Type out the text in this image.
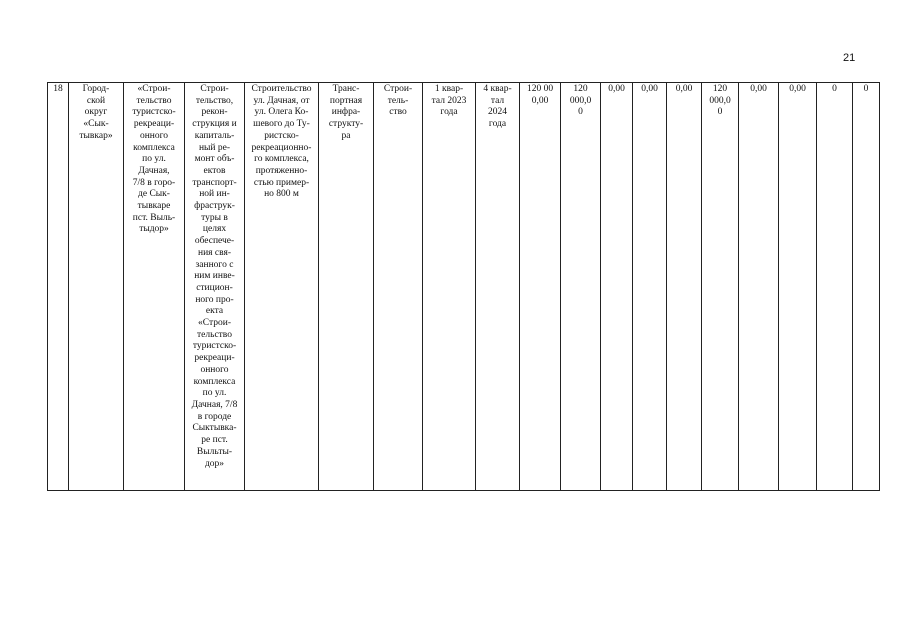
21
18	Город-
ской
округ
«Сык-
тывкар»	«Строи-
тельство
туристско-
рекреаци-
онного
комплекса
по ул.
Дачная,
7/8 в горо-
де Сык-
тывкаре
пст. Выль-
тыдор»	Строи-
тельство,
рекон-
струкция и
капиталь-
ный ре-
монт объ-
ектов
транспорт-
ной ин-
фраструк-
туры в
целях
обеспече-
ния свя-
занного с
ним инве-
стицион-
ного про-
екта
«Строи-
тельство
туристско-
рекреаци-
онного
комплекса
по ул.
Дачная, 7/8
в городе
Сыктывка-
ре пст.
Выльты-
дор»	Строительство
ул. Дачная, от
ул. Олега Ко-
шевого до Ту-
ристско-
рекреационно-
го комплекса,
протяженно-
стью пример-
но 800 м	Транс-
портная
инфра-
структу-
ра	Строи-
тель-
ство	1 квар-
тал 2023
года	4 квар-
тал
2024
года	120 00
0,00	120
000,0
0	0,00	0,00	0,00	120
000,0
0	0,00	0,00	0	0
